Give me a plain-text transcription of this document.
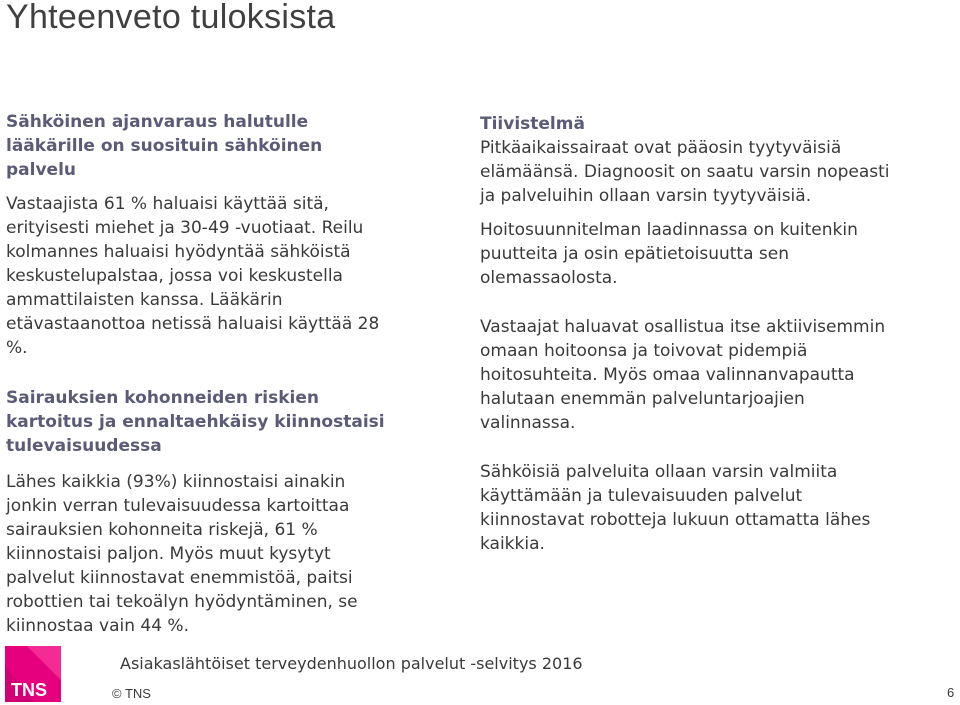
Yhteenveto tuloksista
Sähköinen ajanvaraus halutulle
lääkärille on suosituin sähköinen
palvelu
Vastaajista 61 % haluaisi käyttää sitä,
erityisesti miehet ja 30-49 -vuotiaat. Reilu
kolmannes haluaisi hyödyntää sähköistä
keskustelupalstaa, jossa voi keskustella
ammattilaisten kanssa. Lääkärin
etävastaanottoa netissä haluaisi käyttää 28
%.
Sairauksien kohonneiden riskien
kartoitus ja ennaltaehkäisy kiinnostaisi
tulevaisuudessa
Lähes kaikkia (93%) kiinnostaisi ainakin
jonkin verran tulevaisuudessa kartoittaa
sairauksien kohonneita riskejä, 61 %
kiinnostaisi paljon. Myös muut kysytyt
palvelut kiinnostavat enemmistöä, paitsi
robottien tai tekoälyn hyödyntäminen, se
kiinnostaa vain 44 %.
Tiivistelmä
Pitkäaikaissairaat ovat pääosin tyytyväisiä
elämäänsä. Diagnoosit on saatu varsin nopeasti
ja palveluihin ollaan varsin tyytyväisiä.
Hoitosuunnitelman laadinnassa on kuitenkin
puutteita ja osin epätietoisuutta sen
olemassaolosta.
Vastaajat haluavat osallistua itse aktiivisemmin
omaan hoitoonsa ja toivovat pidempiä
hoitosuhteita. Myös omaa valinnanvapautta
halutaan enemmän palveluntarjoajien
valinnassa.
Sähköisiä palveluita ollaan varsin valmiita
käyttämään ja tulevaisuuden palvelut
kiinnostavat robotteja lukuun ottamatta lähes
kaikkia.
TNS
Asiakaslähtöiset terveydenhuollon palvelut -selvitys 2016
© TNS	6
